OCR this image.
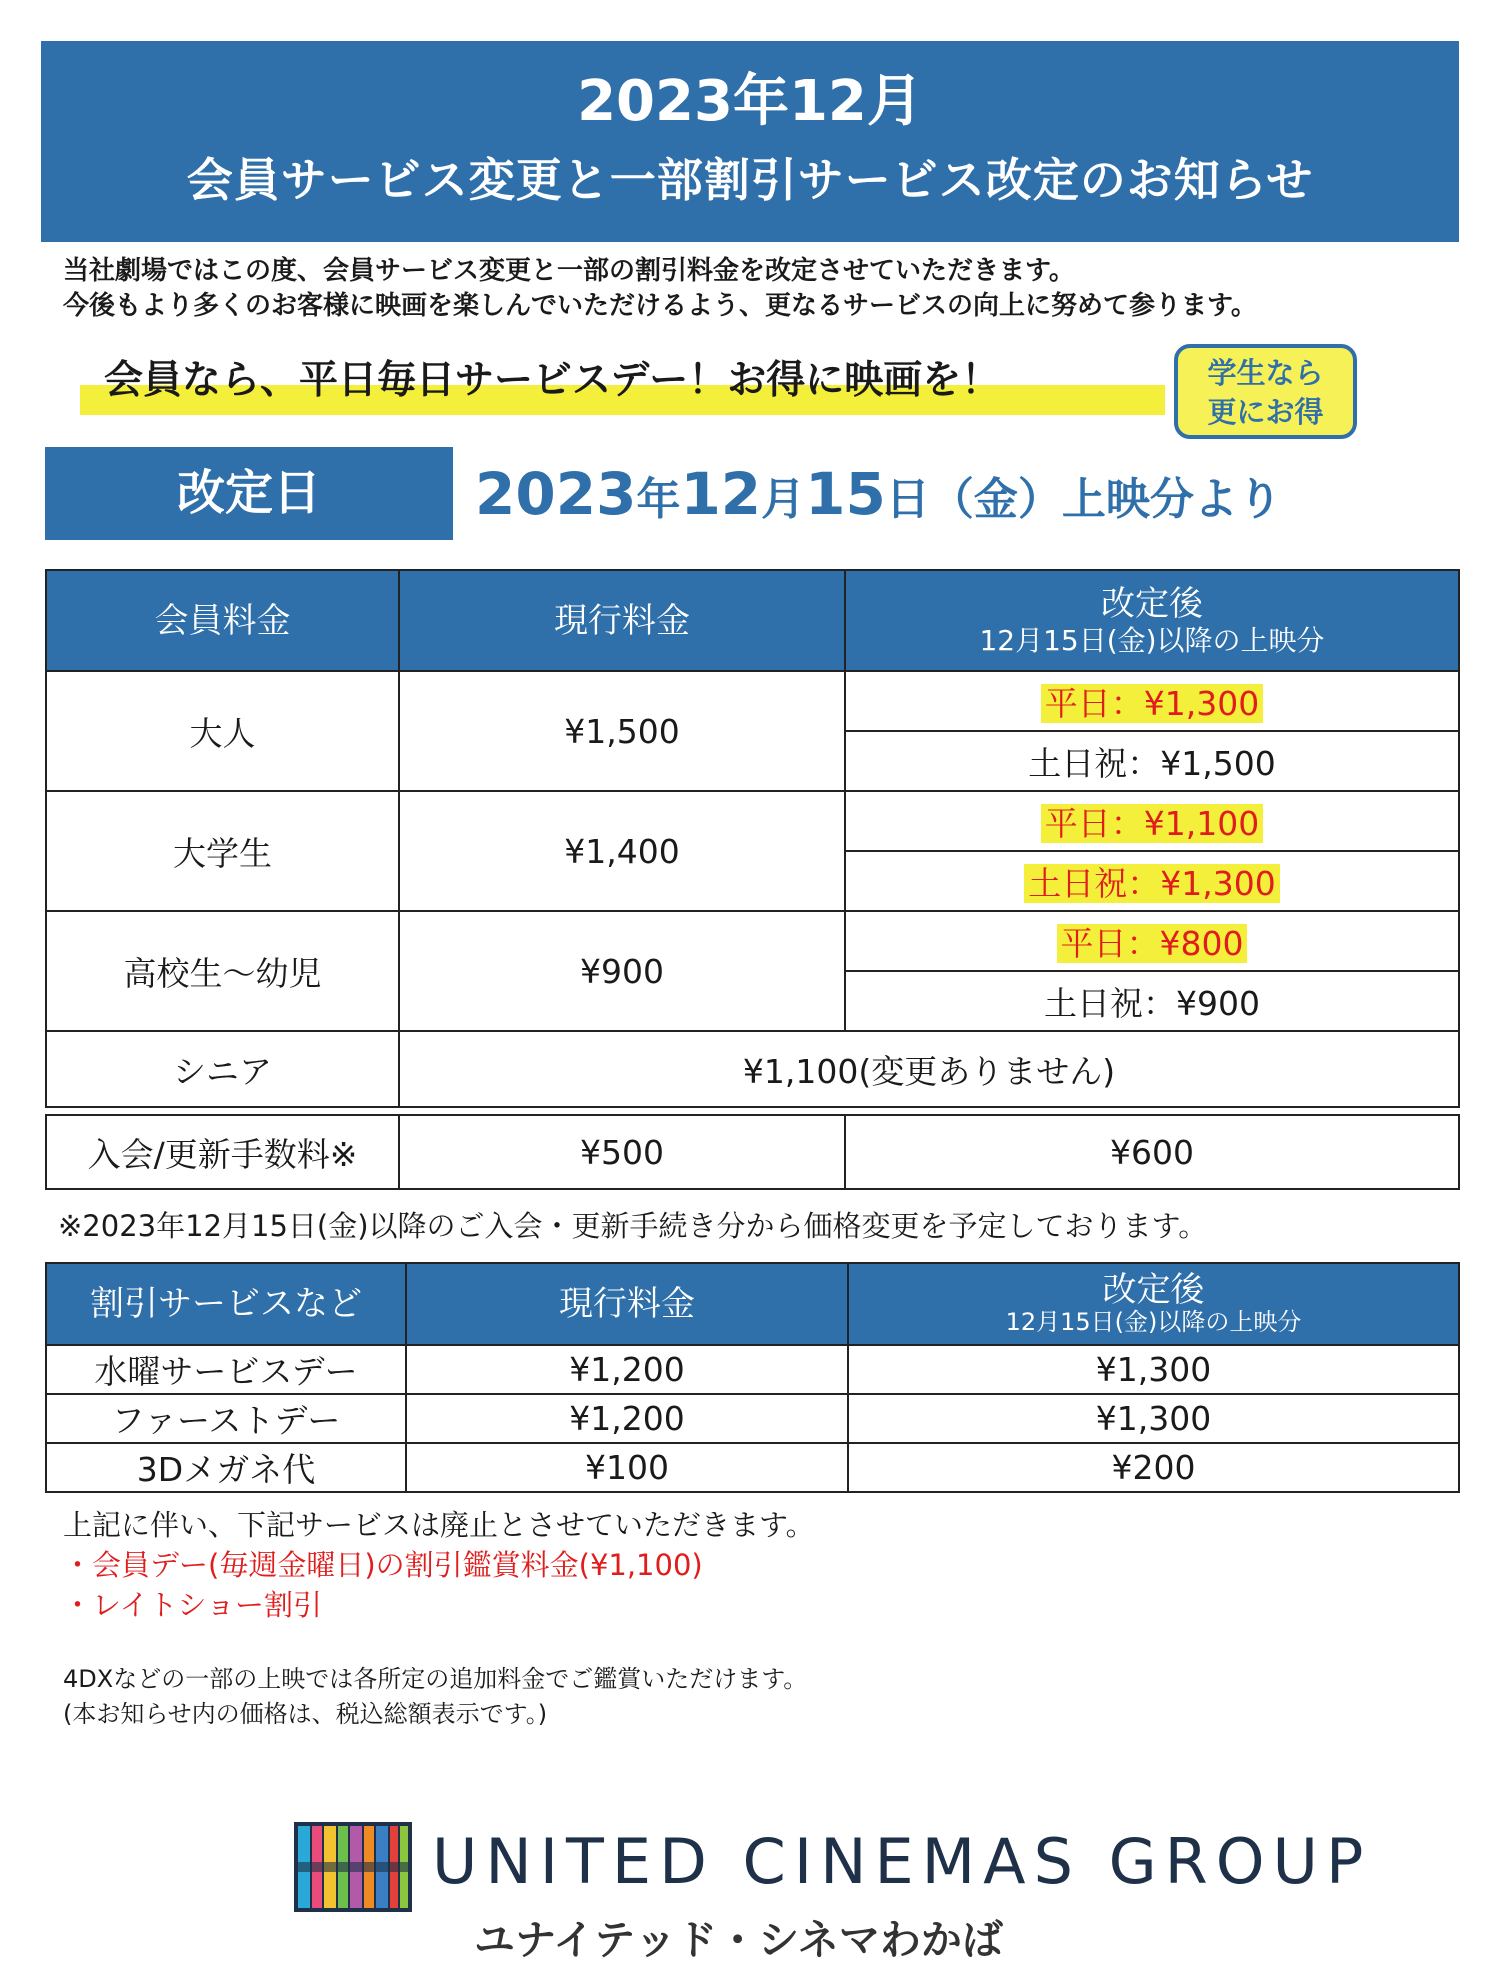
2023年12月
会員サービス変更と一部割引サービス改定のお知らせ
当社劇場ではこの度、会員サービス変更と一部の割引料金を改定させていただきます。
今後もより多くのお客様に映画を楽しんでいただけるよう、更なるサービスの向上に努めて参ります。
会員なら、平日毎日サービスデー！お得に映画を！	学生なら
更にお得
改定日	2023年12月15日（金）上映分より
会員料金	現行料金	改定後
12月15日(金)以降の上映分

大人	¥1,500	平日：¥1,300
		土日祝：¥1,500
大学生	¥1,400	平日：¥1,100
		土日祝：¥1,300
高校生～幼児	¥900	平日：¥800
		土日祝：¥900
シニア	¥1,100(変更ありません)	

入会/更新手数料※	¥500	¥600
※2023年12月15日(金)以降のご入会・更新手続き分から価格変更を予定しております。
割引サービスなど	現行料金	改定後
12月15日(金)以降の上映分

水曜サービスデー	¥1,200	¥1,300
ファーストデー	¥1,200	¥1,300
3Dメガネ代	¥100	¥200
上記に伴い、下記サービスは廃止とさせていただきます。
・会員デー(毎週金曜日)の割引鑑賞料金(¥1,100)
・レイトショー割引
4DXなどの一部の上映では各所定の追加料金でご鑑賞いただけます。
(本お知らせ内の価格は、税込総額表示です。)
UNITED CINEMAS GROUP
ユナイテッド・シネマわかば
